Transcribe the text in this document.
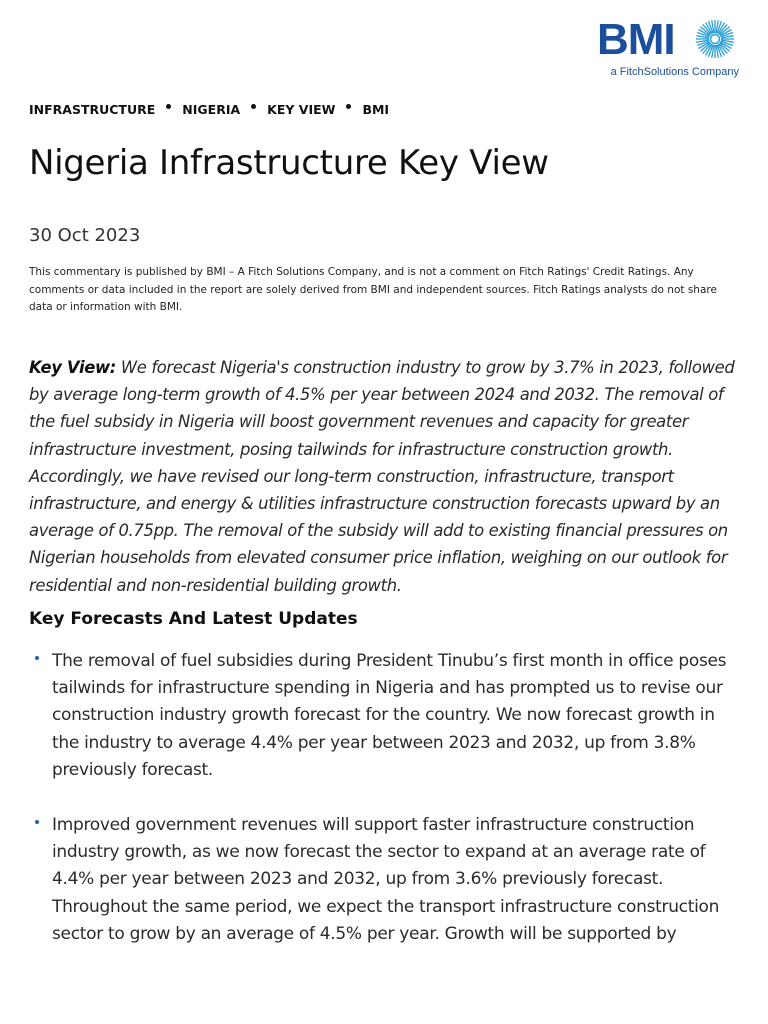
BMI
a FitchSolutions Company
INFRASTRUCTURE NIGERIA KEY VIEW BMI
Nigeria Infrastructure Key View
30 Oct 2023

This commentary is published by BMI – A Fitch Solutions Company, and is not a comment on Fitch Ratings' Credit Ratings. Any comments or data included in the report are solely derived from BMI and independent sources. Fitch Ratings analysts do not share data or information with BMI.

Key View: We forecast Nigeria's construction industry to grow by 3.7% in 2023, followed by average long-term growth of 4.5% per year between 2024 and 2032. The removal of the fuel subsidy in Nigeria will boost government revenues and capacity for greater infrastructure investment, posing tailwinds for infrastructure construction growth. Accordingly, we have revised our long-term construction, infrastructure, transport infrastructure, and energy & utilities infrastructure construction forecasts upward by an average of 0.75pp. The removal of the subsidy will add to existing financial pressures on Nigerian households from elevated consumer price inflation, weighing on our outlook for residential and non-residential building growth.

Key Forecasts And Latest Updates
The removal of fuel subsidies during President Tinubu’s first month in office poses tailwinds for infrastructure spending in Nigeria and has prompted us to revise our construction industry growth forecast for the country. We now forecast growth in the industry to average 4.4% per year between 2023 and 2032, up from 3.8% previously forecast.
Improved government revenues will support faster infrastructure construction industry growth, as we now forecast the sector to expand at an average rate of 4.4% per year between 2023 and 2032, up from 3.6% previously forecast. Throughout the same period, we expect the transport infrastructure construction sector to grow by an average of 4.5% per year. Growth will be supported by
